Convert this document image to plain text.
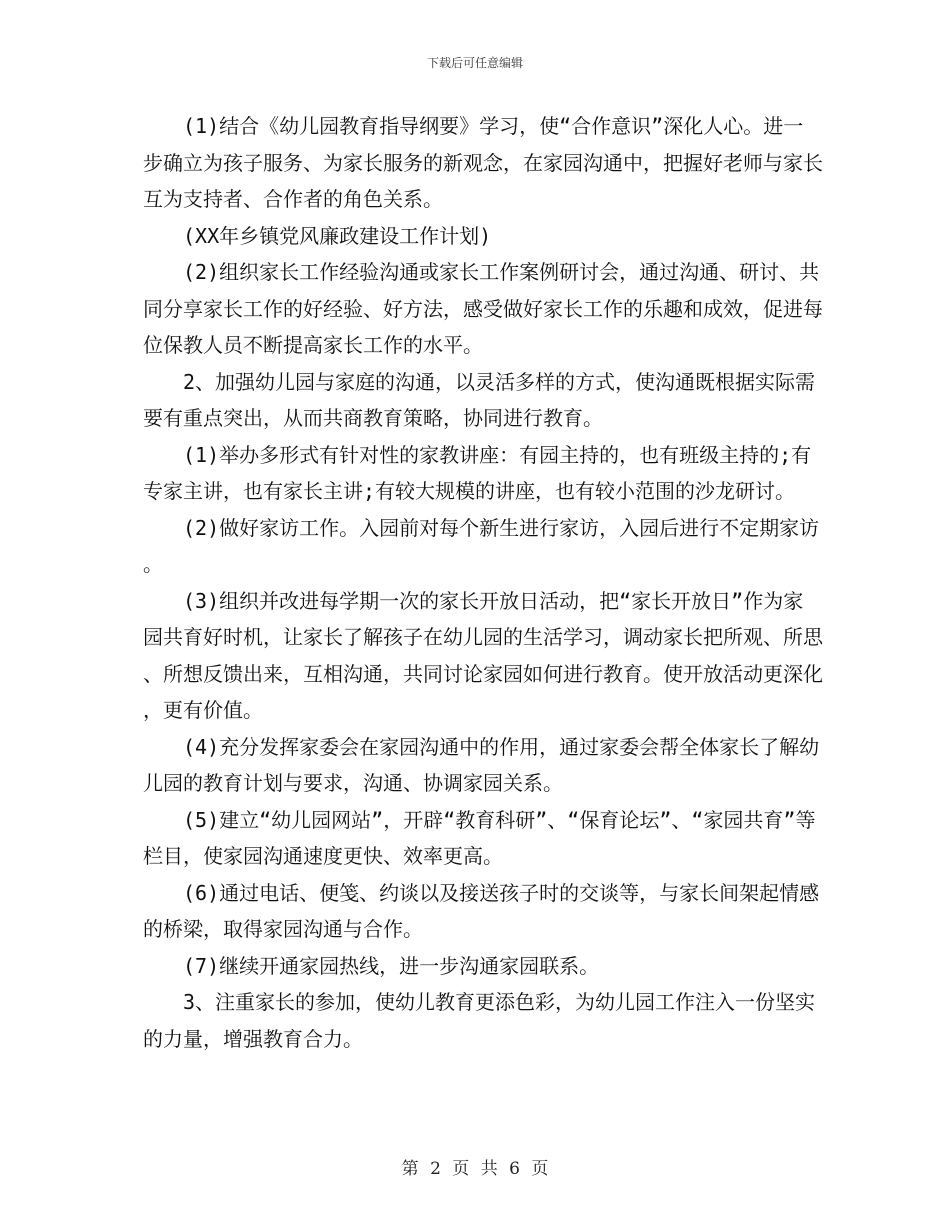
下载后可任意编辑

(1)结合《幼儿园教育指导纲要》学习，使“合作意识”深化人心。进一步确立为孩子服务、为家长服务的新观念，在家园沟通中，把握好老师与家长互为支持者、合作者的角色关系。

(XX年乡镇党风廉政建设工作计划)

(2)组织家长工作经验沟通或家长工作案例研讨会，通过沟通、研讨、共同分享家长工作的好经验、好方法，感受做好家长工作的乐趣和成效，促进每位保教人员不断提高家长工作的水平。

2、加强幼儿园与家庭的沟通，以灵活多样的方式，使沟通既根据实际需要有重点突出，从而共商教育策略，协同进行教育。

(1)举办多形式有针对性的家教讲座：有园主持的，也有班级主持的;有专家主讲，也有家长主讲;有较大规模的讲座，也有较小范围的沙龙研讨。

(2)做好家访工作。入园前对每个新生进行家访，入园后进行不定期家访。

(3)组织并改进每学期一次的家长开放日活动，把“家长开放日”作为家园共育好时机，让家长了解孩子在幼儿园的生活学习，调动家长把所观、所思、所想反馈出来，互相沟通，共同讨论家园如何进行教育。使开放活动更深化，更有价值。

(4)充分发挥家委会在家园沟通中的作用，通过家委会帮全体家长了解幼儿园的教育计划与要求，沟通、协调家园关系。

(5)建立“幼儿园网站”，开辟“教育科研”、“保育论坛”、“家园共育”等栏目，使家园沟通速度更快、效率更高。

(6)通过电话、便笺、约谈以及接送孩子时的交谈等，与家长间架起情感的桥梁，取得家园沟通与合作。

(7)继续开通家园热线，进一步沟通家园联系。

3、注重家长的参加，使幼儿教育更添色彩，为幼儿园工作注入一份坚实的力量，增强教育合力。

第 2 页 共 6 页
